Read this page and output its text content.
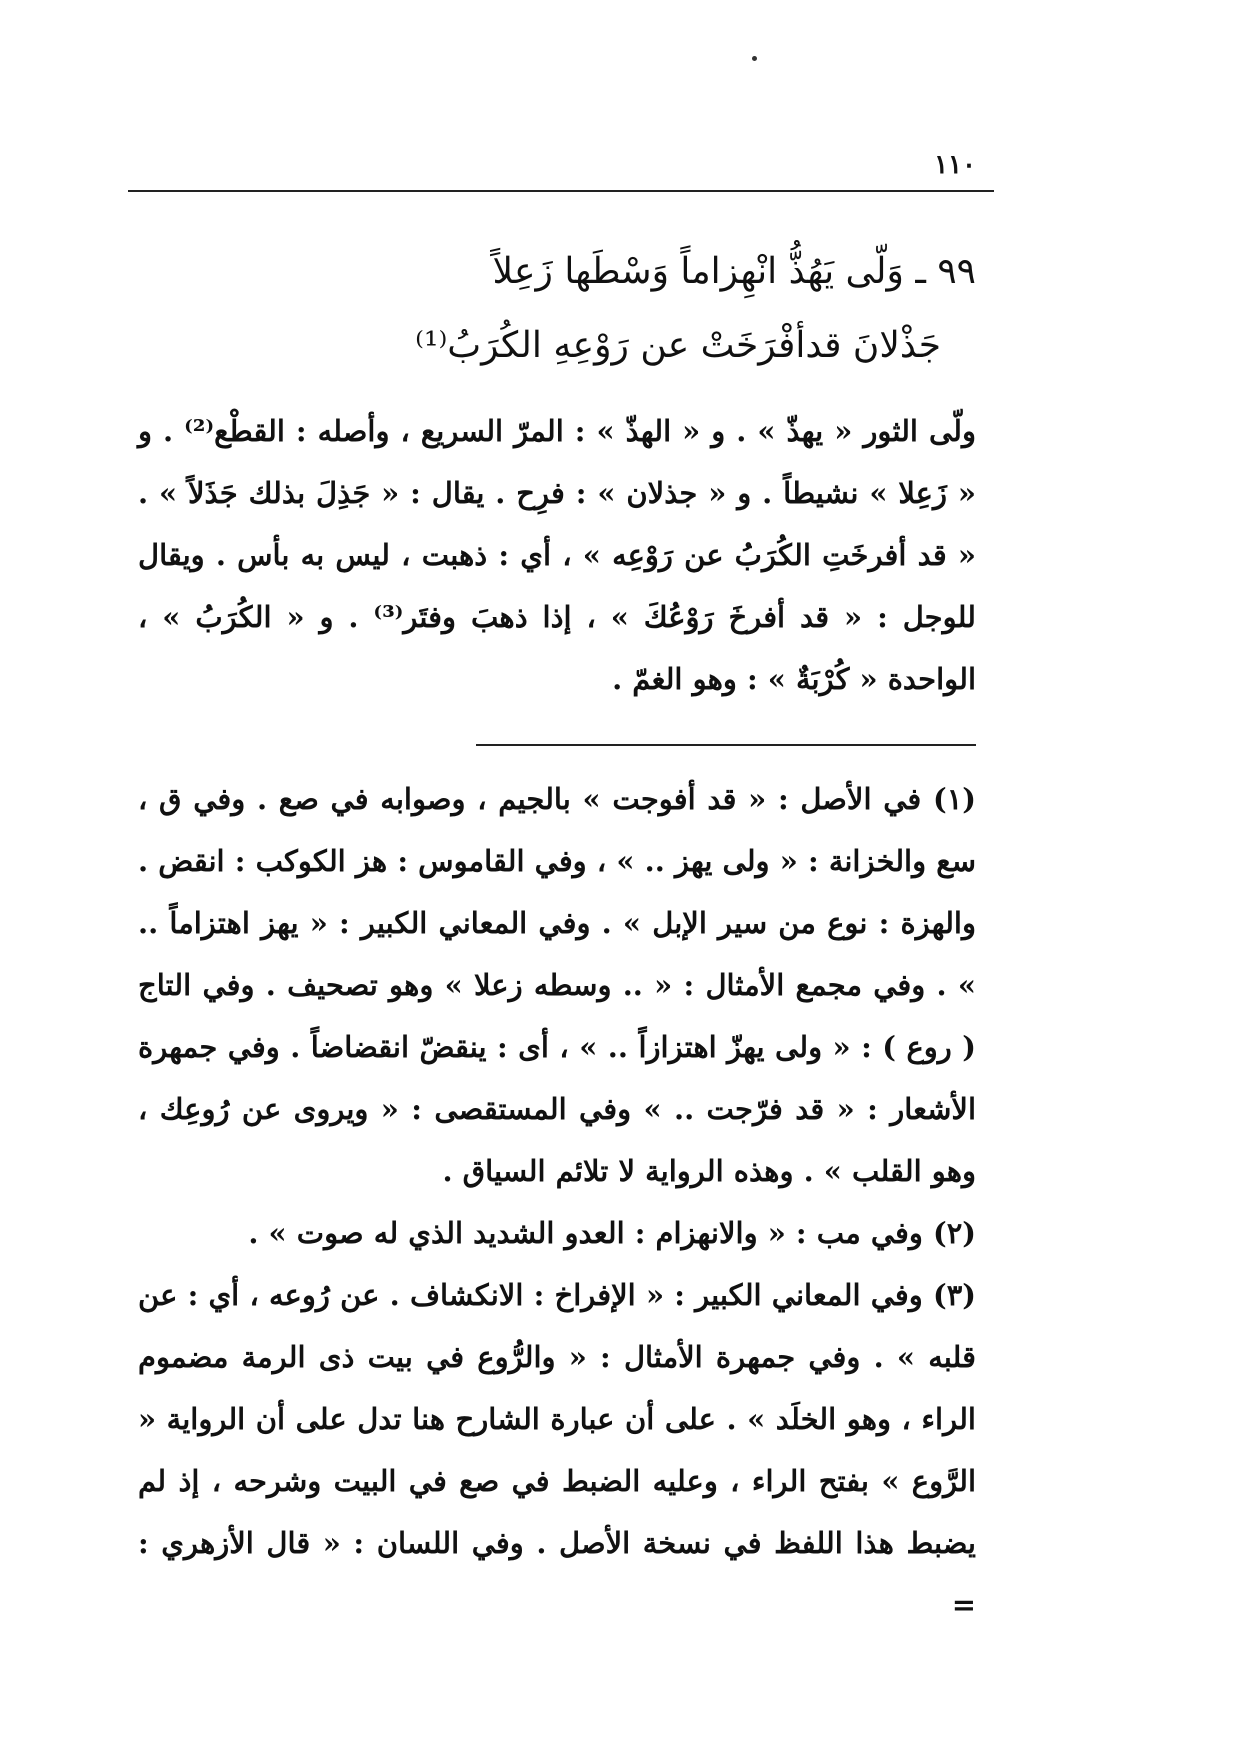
١١٠
٩٩ ـ وَلّى يَهُذُّ انْهِزاماً وَسْطَها زَعِلاً
جَذْلانَ قدأفْرَخَتْ عن رَوْعِهِ الكُرَبُ⁽¹⁾
ولّى الثور « يهذّ » . و « الهذّ » : المرّ السريع ، وأصله : القطْع⁽²⁾ . و « زَعِلا » نشيطاً . و « جذلان » : فرِح . يقال : « جَذِلَ بذلك جَذَلاً » . « قد أفرخَتِ الكُرَبُ عن رَوْعِه » ، أي : ذهبت ، ليس به بأس . ويقال للوجل : « قد أفرخَ رَوْعُكَ » ، إذا ذهبَ وفتَر⁽³⁾ . و « الكُرَبُ » ، الواحدة « كُرْبَةٌ » : وهو الغمّ .

(١) في الأصل : « قد أفوجت » بالجيم ، وصوابه في صع . وفي ق ، سع والخزانة : « ولى يهز .. » ، وفي القاموس : هز الكوكب : انقض . والهزة : نوع من سير الإبل » . وفي المعاني الكبير : « يهز اهتزاماً .. » . وفي مجمع الأمثال : « .. وسطه زعلا » وهو تصحيف . وفي التاج ( روع ) : « ولى يهزّ اهتزازاً .. » ، أى : ينقضّ انقضاضاً . وفي جمهرة الأشعار : « قد فرّجت .. » وفي المستقصى : « ويروى عن رُوعِك ، وهو القلب » . وهذه الرواية لا تلائم السياق .

(٢) وفي مب : « والانهزام : العدو الشديد الذي له صوت » .

(٣) وفي المعاني الكبير : « الإفراخ : الانكشاف . عن رُوعه ، أي : عن قلبه » . وفي جمهرة الأمثال : « والرُّوع في بيت ذى الرمة مضموم الراء ، وهو الخلَد » . على أن عبارة الشارح هنا تدل على أن الرواية « الرَّوع » بفتح الراء ، وعليه الضبط في صع في البيت وشرحه ، إذ لم يضبط هذا اللفظ في نسخة الأصل . وفي اللسان : « قال الأزهري : =
